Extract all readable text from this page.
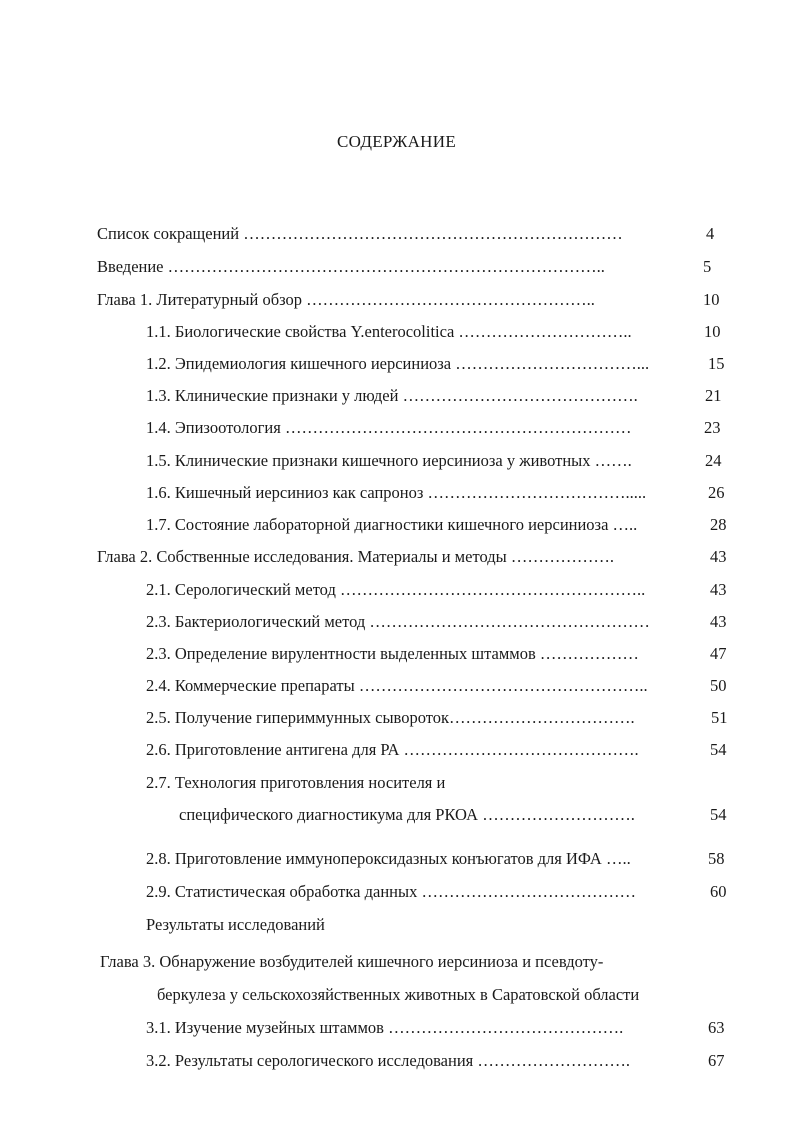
СОДЕРЖАНИЕ
Список сокращений ……………………………………………………………	4
Введение ……………………………………………………………………..	5
Глава 1. Литературный обзор ……………………………………………..	10
1.1. Биологические свойства Y.enterocolitica …………………………..	10
1.2. Эпидемиология кишечного иерсиниоза ……………………………...	15
1.3. Клинические признаки у людей …………………………………….	21
1.4. Эпизоотология ………………………………………………………	23
1.5. Клинические признаки кишечного иерсиниоза у животных …….	24
1.6. Кишечный иерсиниоз как сапроноз ……………………………….....	26
1.7. Состояние лабораторной диагностики кишечного иерсиниоза …..	28
Глава 2. Собственные исследования. Материалы и методы ……………….	43
2.1. Серологический метод ………………………………………………..	43
2.3. Бактериологический метод ……………………………………………	43
2.3. Определение вирулентности выделенных штаммов ………………	47
2.4. Коммерческие препараты ……………………………………………..	50
2.5. Получение гипериммунных сывороток…………………………….	51
2.6. Приготовление антигена для РА …………………………………….	54
2.7. Технология приготовления носителя и
специфического диагностикума для РКОА ……………………….	54
2.8. Приготовление иммунопероксидазных конъюгатов для ИФА …..	58
2.9. Статистическая обработка данных …………………………………	60
Результаты исследований
Глава 3. Обнаружение возбудителей кишечного иерсиниоза и псевдоту-
беркулеза у сельскохозяйственных животных в Саратовской области
3.1. Изучение музейных штаммов …………………………………….	63
3.2. Результаты серологического исследования ……………………….	67
